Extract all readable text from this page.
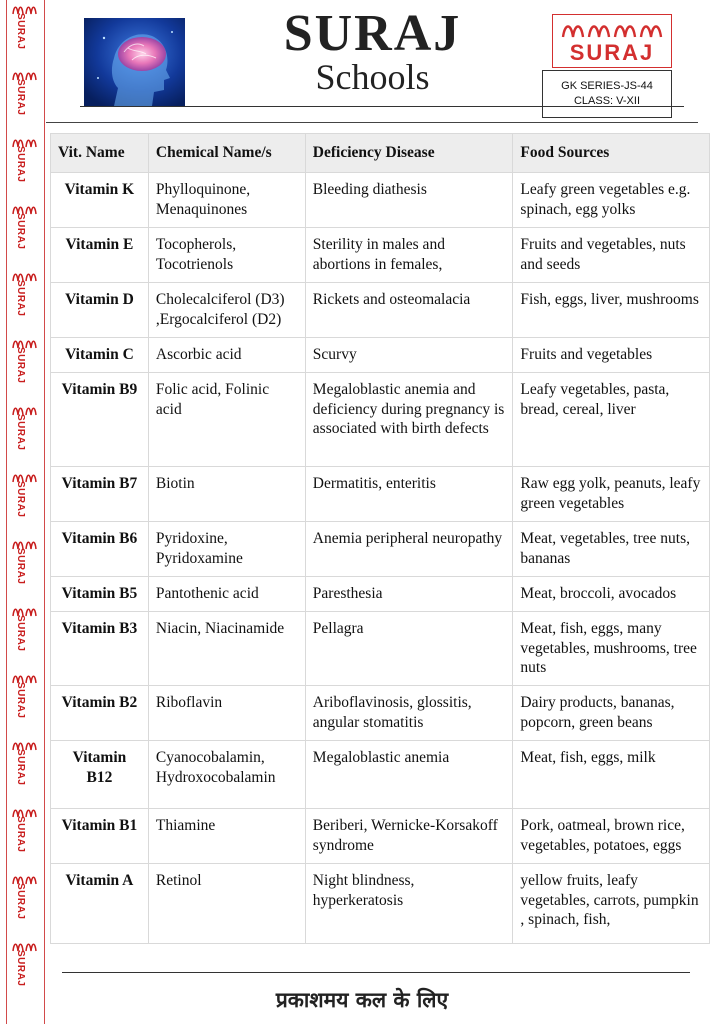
SURAJ
SURAJ
SURAJ
SURAJ
SURAJ
SURAJ
SURAJ
SURAJ
SURAJ
SURAJ
SURAJ
SURAJ
SURAJ
SURAJ
SURAJ
SURAJ
Schools
SURAJ
GK SERIES-JS-44
CLASS: V-XII
Vit. Name	Chemical Name/s	Deficiency Disease	Food Sources
Vitamin K	Phylloquinone, Menaquinones	Bleeding diathesis	Leafy green vegetables e.g. spinach, egg yolks
Vitamin E	Tocopherols, Tocotrienols	Sterility in males and abortions in females,	Fruits and vegetables, nuts and seeds
Vitamin D	Cholecalciferol (D3) ,Ergocalciferol (D2)	Rickets and osteomalacia	Fish, eggs, liver, mushrooms
Vitamin C	Ascorbic acid	Scurvy	Fruits and vegetables
Vitamin B9	Folic acid, Folinic acid	Megaloblastic anemia and deficiency during pregnancy is associated with birth defects	Leafy vegetables, pasta, bread, cereal, liver
Vitamin B7	Biotin	Dermatitis, enteritis	Raw egg yolk, peanuts, leafy green vegetables
Vitamin B6	Pyridoxine, Pyridoxamine	Anemia peripheral neuropathy	Meat, vegetables, tree nuts, bananas
Vitamin B5	Pantothenic acid	Paresthesia	Meat, broccoli, avocados
Vitamin B3	Niacin, Niacinamide	Pellagra	Meat, fish, eggs, many vegetables, mushrooms, tree nuts
Vitamin B2	Riboflavin	Ariboflavinosis, glossitis, angular stomatitis	Dairy products, bananas, popcorn, green beans
Vitamin B12	Cyanocobalamin, Hydroxocobalamin	Megaloblastic anemia	Meat, fish, eggs, milk
Vitamin B1	Thiamine	Beriberi, Wernicke-Korsakoff syndrome	Pork, oatmeal, brown rice, vegetables, potatoes, eggs
Vitamin A	Retinol	Night blindness, hyperkeratosis	yellow fruits, leafy vegetables, carrots, pumpkin , spinach, fish,
प्रकाशमय कल के लिए
